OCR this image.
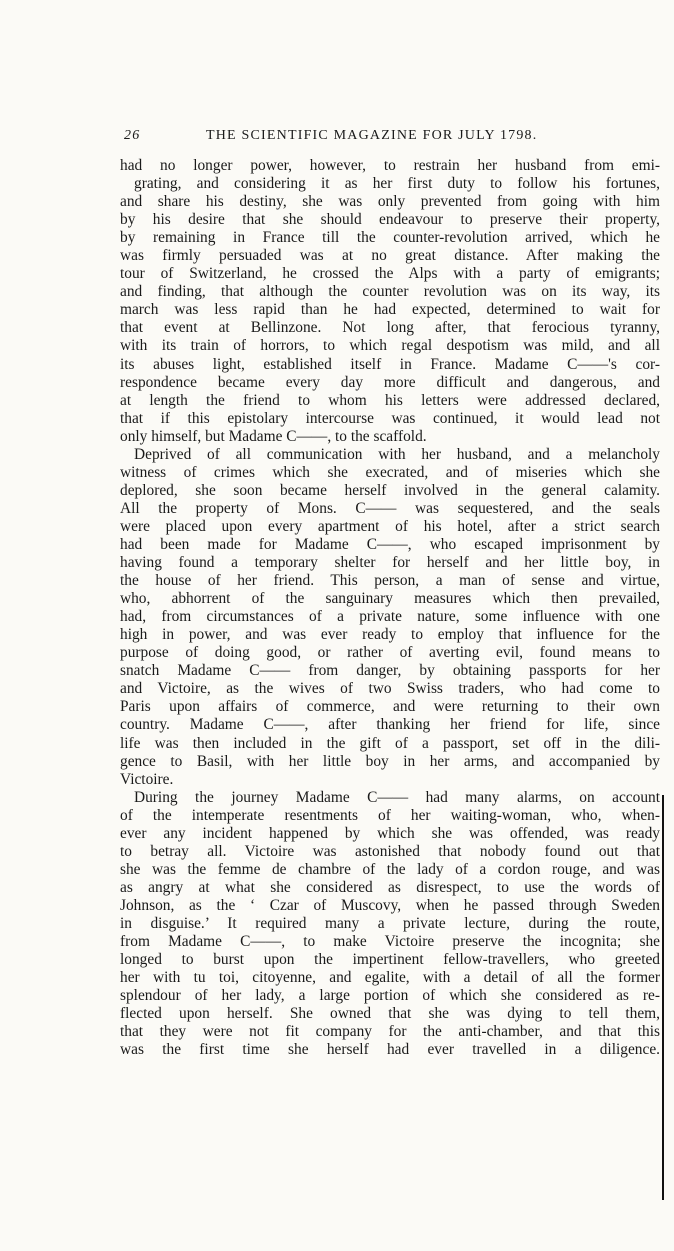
26	THE SCIENTIFIC MAGAZINE FOR JULY 1798.
had no longer power, however, to restrain her husband from emi-
grating, and considering it as her first duty to follow his fortunes,
and share his destiny, she was only prevented from going with him
by his desire that she should endeavour to preserve their property,
by remaining in France till the counter-revolution arrived, which he
was firmly persuaded was at no great distance. After making the
tour of Switzerland, he crossed the Alps with a party of emigrants;
and finding, that although the counter revolution was on its way, its
march was less rapid than he had expected, determined to wait for
that event at Bellinzone. Not long after, that ferocious tyranny,
with its train of horrors, to which regal despotism was mild, and all
its abuses light, established itself in France. Madame C——'s cor-
respondence became every day more difficult and dangerous, and
at length the friend to whom his letters were addressed declared,
that if this epistolary intercourse was continued, it would lead not
only himself, but Madame C——, to the scaffold.
Deprived of all communication with her husband, and a melancholy
witness of crimes which she execrated, and of miseries which she
deplored, she soon became herself involved in the general calamity.
All the property of Mons. C—— was sequestered, and the seals
were placed upon every apartment of his hotel, after a strict search
had been made for Madame C——, who escaped imprisonment by
having found a temporary shelter for herself and her little boy, in
the house of her friend. This person, a man of sense and virtue,
who, abhorrent of the sanguinary measures which then prevailed,
had, from circumstances of a private nature, some influence with one
high in power, and was ever ready to employ that influence for the
purpose of doing good, or rather of averting evil, found means to
snatch Madame C—— from danger, by obtaining passports for her
and Victoire, as the wives of two Swiss traders, who had come to
Paris upon affairs of commerce, and were returning to their own
country. Madame C——, after thanking her friend for life, since
life was then included in the gift of a passport, set off in the dili-
gence to Basil, with her little boy in her arms, and accompanied by
Victoire.
During the journey Madame C—— had many alarms, on account
of the intemperate resentments of her waiting-woman, who, when-
ever any incident happened by which she was offended, was ready
to betray all. Victoire was astonished that nobody found out that
she was the femme de chambre of the lady of a cordon rouge, and was
as angry at what she considered as disrespect, to use the words of
Johnson, as the ‘ Czar of Muscovy, when he passed through Sweden
in disguise.’ It required many a private lecture, during the route,
from Madame C——, to make Victoire preserve the incognita; she
longed to burst upon the impertinent fellow-travellers, who greeted
her with tu toi, citoyenne, and egalite, with a detail of all the former
splendour of her lady, a large portion of which she considered as re-
flected upon herself. She owned that she was dying to tell them,
that they were not fit company for the anti-chamber, and that this
was the first time she herself had ever travelled in a diligence.
